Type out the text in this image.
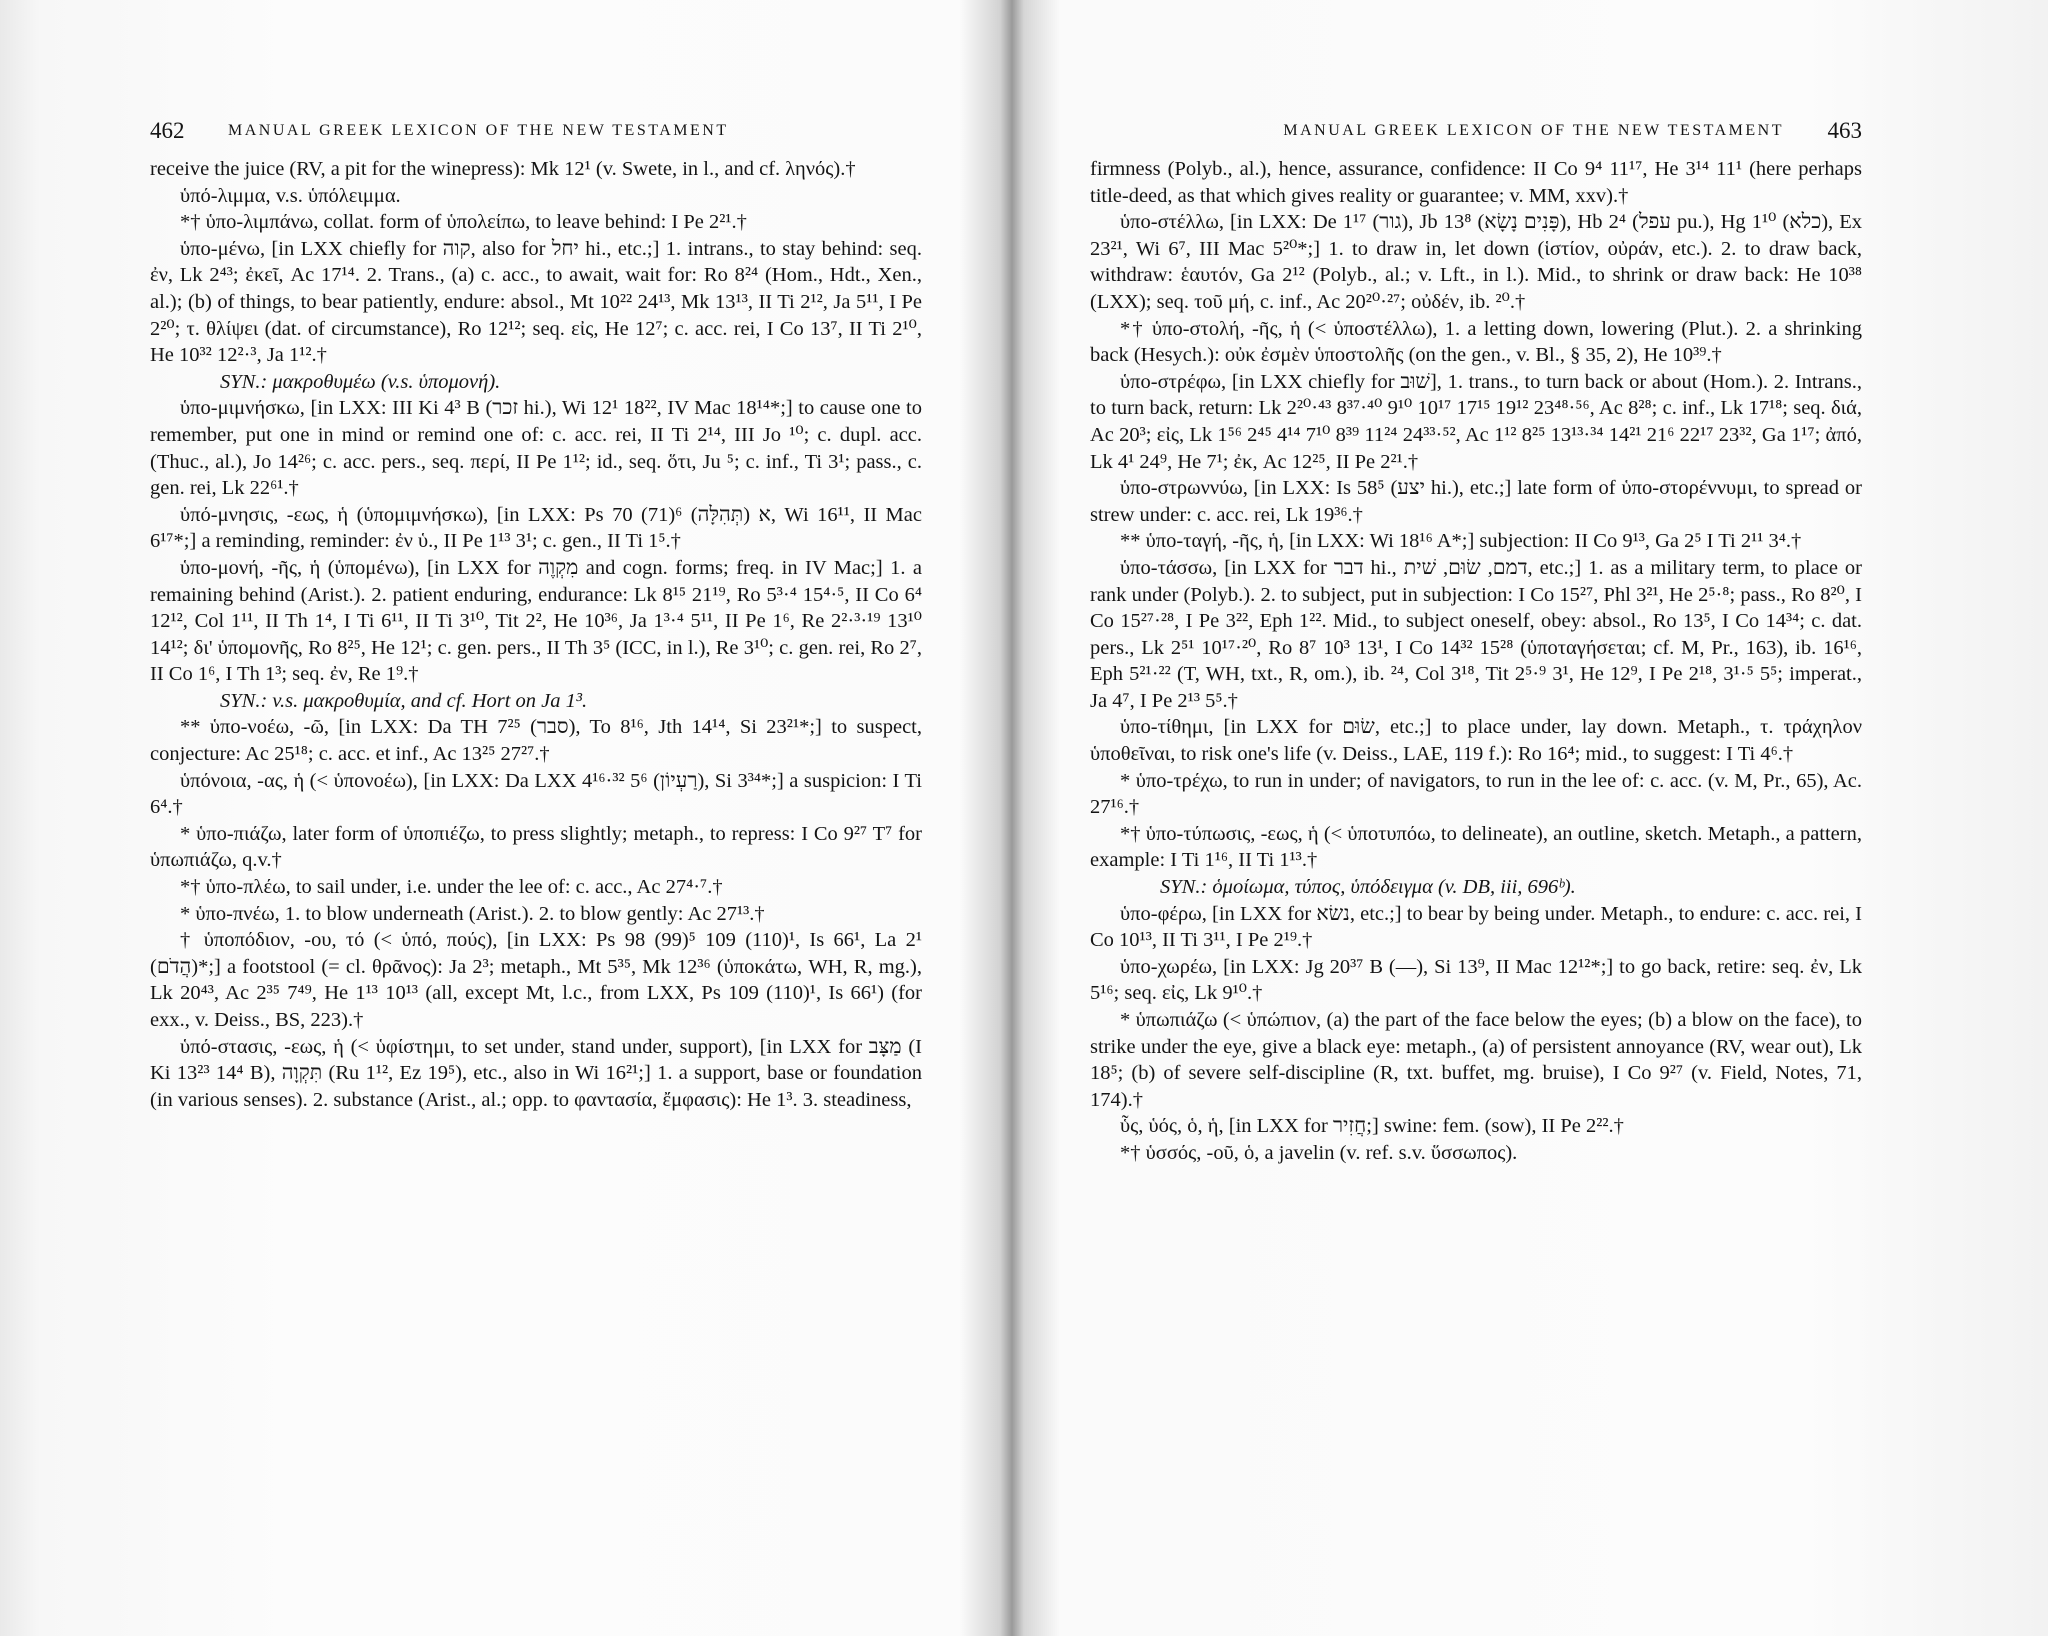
462	MANUAL GREEK LEXICON OF THE NEW TESTAMENT

receive the juice (RV, a pit for the winepress): Mk 12¹ (v. Swete, in l., and cf. ληνός).†

ὑπό-λιμμα, v.s. ὑπόλειμμα.

*† ὑπο-λιμπάνω, collat. form of ὑπολείπω, to leave behind: I Pe 2²¹.†

ὑπο-μένω, [in LXX chiefly for קוה, also for יחל hi., etc.;] 1. intrans., to stay behind: seq. ἐν, Lk 2⁴³; ἐκεῖ, Ac 17¹⁴. 2. Trans., (a) c. acc., to await, wait for: Ro 8²⁴ (Hom., Hdt., Xen., al.); (b) of things, to bear patiently, endure: absol., Mt 10²² 24¹³, Mk 13¹³, II Ti 2¹², Ja 5¹¹, I Pe 2²⁰; τ. θλίψει (dat. of circumstance), Ro 12¹²; seq. εἰς, He 12⁷; c. acc. rei, I Co 13⁷, II Ti 2¹⁰, He 10³² 12²·³, Ja 1¹².†

SYN.: μακροθυμέω (v.s. ὑπομονή).

ὑπο-μιμνήσκω, [in LXX: III Ki 4³ B (זכר hi.), Wi 12¹ 18²², IV Mac 18¹⁴*;] to cause one to remember, put one in mind or remind one of: c. acc. rei, II Ti 2¹⁴, III Jo ¹⁰; c. dupl. acc. (Thuc., al.), Jo 14²⁶; c. acc. pers., seq. περί, II Pe 1¹²; id., seq. ὅτι, Ju ⁵; c. inf., Ti 3¹; pass., c. gen. rei, Lk 22⁶¹.†

ὑπό-μνησις, -εως, ἡ (ὑπομιμνήσκω), [in LXX: Ps 70 (71)⁶ א (תְּהִלָּה), Wi 16¹¹, II Mac 6¹⁷*;] a reminding, reminder: ἐν ὑ., II Pe 1¹³ 3¹; c. gen., II Ti 1⁵.†

ὑπο-μονή, -ῆς, ἡ (ὑπομένω), [in LXX for מִקְוֶה and cogn. forms; freq. in IV Mac;] 1. a remaining behind (Arist.). 2. patient enduring, endurance: Lk 8¹⁵ 21¹⁹, Ro 5³·⁴ 15⁴·⁵, II Co 6⁴ 12¹², Col 1¹¹, II Th 1⁴, I Ti 6¹¹, II Ti 3¹⁰, Tit 2², He 10³⁶, Ja 1³·⁴ 5¹¹, II Pe 1⁶, Re 2²·³·¹⁹ 13¹⁰ 14¹²; δι' ὑπομονῆς, Ro 8²⁵, He 12¹; c. gen. pers., II Th 3⁵ (ICC, in l.), Re 3¹⁰; c. gen. rei, Ro 2⁷, II Co 1⁶, I Th 1³; seq. ἐν, Re 1⁹.†

SYN.: v.s. μακροθυμία, and cf. Hort on Ja 1³.

** ὑπο-νοέω, -ῶ, [in LXX: Da TH 7²⁵ (סבר), To 8¹⁶, Jth 14¹⁴, Si 23²¹*;] to suspect, conjecture: Ac 25¹⁸; c. acc. et inf., Ac 13²⁵ 27²⁷.†

ὑπόνοια, -ας, ἡ (< ὑπονοέω), [in LXX: Da LXX 4¹⁶·³² 5⁶ (רַעְיוֹן), Si 3³⁴*;] a suspicion: I Ti 6⁴.†

* ὑπο-πιάζω, later form of ὑποπιέζω, to press slightly; metaph., to repress: I Co 9²⁷ T⁷ for ὑπωπιάζω, q.v.†

*† ὑπο-πλέω, to sail under, i.e. under the lee of: c. acc., Ac 27⁴·⁷.†

* ὑπο-πνέω, 1. to blow underneath (Arist.). 2. to blow gently: Ac 27¹³.†

† ὑποπόδιον, -ου, τό (< ὑπό, πούς), [in LXX: Ps 98 (99)⁵ 109 (110)¹, Is 66¹, La 2¹ (הֲדֹם)*;] a footstool (= cl. θρᾶνος): Ja 2³; metaph., Mt 5³⁵, Mk 12³⁶ (ὑποκάτω, WH, R, mg.), Lk 20⁴³, Ac 2³⁵ 7⁴⁹, He 1¹³ 10¹³ (all, except Mt, l.c., from LXX, Ps 109 (110)¹, Is 66¹) (for exx., v. Deiss., BS, 223).†

ὑπό-στασις, -εως, ἡ (< ὑφίστημι, to set under, stand under, support), [in LXX for מַצָּב (I Ki 13²³ 14⁴ B), תִּקְוָה (Ru 1¹², Ez 19⁵), etc., also in Wi 16²¹;] 1. a support, base or foundation (in various senses). 2. substance (Arist., al.; opp. to φαντασία, ἔμφασις): He 1³. 3. steadiness,

MANUAL GREEK LEXICON OF THE NEW TESTAMENT 463

firmness (Polyb., al.), hence, assurance, confidence: II Co 9⁴ 11¹⁷, He 3¹⁴ 11¹ (here perhaps title-deed, as that which gives reality or guarantee; v. MM, xxv).†

ὑπο-στέλλω, [in LXX: De 1¹⁷ (גור), Jb 13⁸ (פָּנִים נָשָׂא), Hb 2⁴ (עפל pu.), Hg 1¹⁰ (כלא), Ex 23²¹, Wi 6⁷, III Mac 5²⁰*;] 1. to draw in, let down (ἱστίον, οὐράν, etc.). 2. to draw back, withdraw: ἑαυτόν, Ga 2¹² (Polyb., al.; v. Lft., in l.). Mid., to shrink or draw back: He 10³⁸ (LXX); seq. τοῦ μή, c. inf., Ac 20²⁰·²⁷; οὐδέν, ib. ²⁰.†

*† ὑπο-στολή, -ῆς, ἡ (< ὑποστέλλω), 1. a letting down, lowering (Plut.). 2. a shrinking back (Hesych.): οὐκ ἐσμὲν ὑποστολῆς (on the gen., v. Bl., § 35, 2), He 10³⁹.†

ὑπο-στρέφω, [in LXX chiefly for שׁוּב], 1. trans., to turn back or about (Hom.). 2. Intrans., to turn back, return: Lk 2²⁰·⁴³ 8³⁷·⁴⁰ 9¹⁰ 10¹⁷ 17¹⁵ 19¹² 23⁴⁸·⁵⁶, Ac 8²⁸; c. inf., Lk 17¹⁸; seq. διά, Ac 20³; εἰς, Lk 1⁵⁶ 2⁴⁵ 4¹⁴ 7¹⁰ 8³⁹ 11²⁴ 24³³·⁵², Ac 1¹² 8²⁵ 13¹³·³⁴ 14²¹ 21⁶ 22¹⁷ 23³², Ga 1¹⁷; ἀπό, Lk 4¹ 24⁹, He 7¹; ἐκ, Ac 12²⁵, II Pe 2²¹.†

ὑπο-στρωννύω, [in LXX: Is 58⁵ (יצע hi.), etc.;] late form of ὑπο-στορέννυμι, to spread or strew under: c. acc. rei, Lk 19³⁶.†

** ὑπο-ταγή, -ῆς, ἡ, [in LXX: Wi 18¹⁶ A*;] subjection: II Co 9¹³, Ga 2⁵ I Ti 2¹¹ 3⁴.†

ὑπο-τάσσω, [in LXX for דבר hi., דמם, שׂוּם, שׁית, etc.;] 1. as a military term, to place or rank under (Polyb.). 2. to subject, put in subjection: I Co 15²⁷, Phl 3²¹, He 2⁵·⁸; pass., Ro 8²⁰, I Co 15²⁷·²⁸, I Pe 3²², Eph 1²². Mid., to subject oneself, obey: absol., Ro 13⁵, I Co 14³⁴; c. dat. pers., Lk 2⁵¹ 10¹⁷·²⁰, Ro 8⁷ 10³ 13¹, I Co 14³² 15²⁸ (ὑποταγήσεται; cf. M, Pr., 163), ib. 16¹⁶, Eph 5²¹·²² (T, WH, txt., R, om.), ib. ²⁴, Col 3¹⁸, Tit 2⁵·⁹ 3¹, He 12⁹, I Pe 2¹⁸, 3¹·⁵ 5⁵; imperat., Ja 4⁷, I Pe 2¹³ 5⁵.†

ὑπο-τίθημι, [in LXX for שׂוּם, etc.;] to place under, lay down. Metaph., τ. τράχηλον ὑποθεῖναι, to risk one's life (v. Deiss., LAE, 119 f.): Ro 16⁴; mid., to suggest: I Ti 4⁶.†

* ὑπο-τρέχω, to run in under; of navigators, to run in the lee of: c. acc. (v. M, Pr., 65), Ac. 27¹⁶.†

*† ὑπο-τύπωσις, -εως, ἡ (< ὑποτυπόω, to delineate), an outline, sketch. Metaph., a pattern, example: I Ti 1¹⁶, II Ti 1¹³.†

SYN.: ὁμοίωμα, τύπος, ὑπόδειγμα (v. DB, iii, 696ᵇ).

ὑπο-φέρω, [in LXX for נשׂא, etc.;] to bear by being under. Metaph., to endure: c. acc. rei, I Co 10¹³, II Ti 3¹¹, I Pe 2¹⁹.†

ὑπο-χωρέω, [in LXX: Jg 20³⁷ B (—), Si 13⁹, II Mac 12¹²*;] to go back, retire: seq. ἐν, Lk 5¹⁶; seq. εἰς, Lk 9¹⁰.†

* ὑπωπιάζω (< ὑπώπιον, (a) the part of the face below the eyes; (b) a blow on the face), to strike under the eye, give a black eye: metaph., (a) of persistent annoyance (RV, wear out), Lk 18⁵; (b) of severe self-discipline (R, txt. buffet, mg. bruise), I Co 9²⁷ (v. Field, Notes, 71, 174).†

ὗς, ὑός, ὁ, ἡ, [in LXX for חֲזִיר;] swine: fem. (sow), II Pe 2²².†

*† ὑσσός, -οῦ, ὁ, a javelin (v. ref. s.v. ὕσσωπος).
